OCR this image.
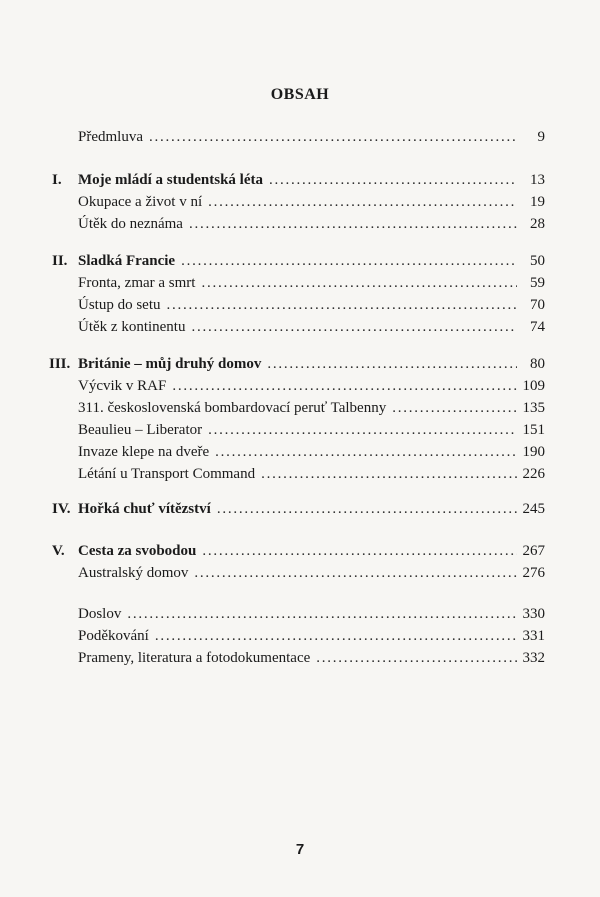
OBSAH
Předmluva . . .	9
I. Moje mládí a studentská léta . . .	13
Okupace a život v ní . . .	19
Útěk do neznáma . . .	28
II. Sladká Francie . . .	50
Fronta, zmar a smrt . . .	59
Ústup do setu . . .	70
Útěk z kontinentu . . .	74
III. Británie – můj druhý domov . . .	80
Výcvik v RAF . . .	109
311. československá bombardovací peruť Talbenny . . .	135
Beaulieu – Liberator . . .	151
Invaze klepe na dveře . . .	190
Létání u Transport Command . . .	226
IV. Hořká chuť vítězství . . .	245
V. Cesta za svobodou . . .	267
Australský domov . . .	276
Doslov . . .	330
Poděkování . . .	331
Prameny, literatura a fotodokumentace . . .	332
7
